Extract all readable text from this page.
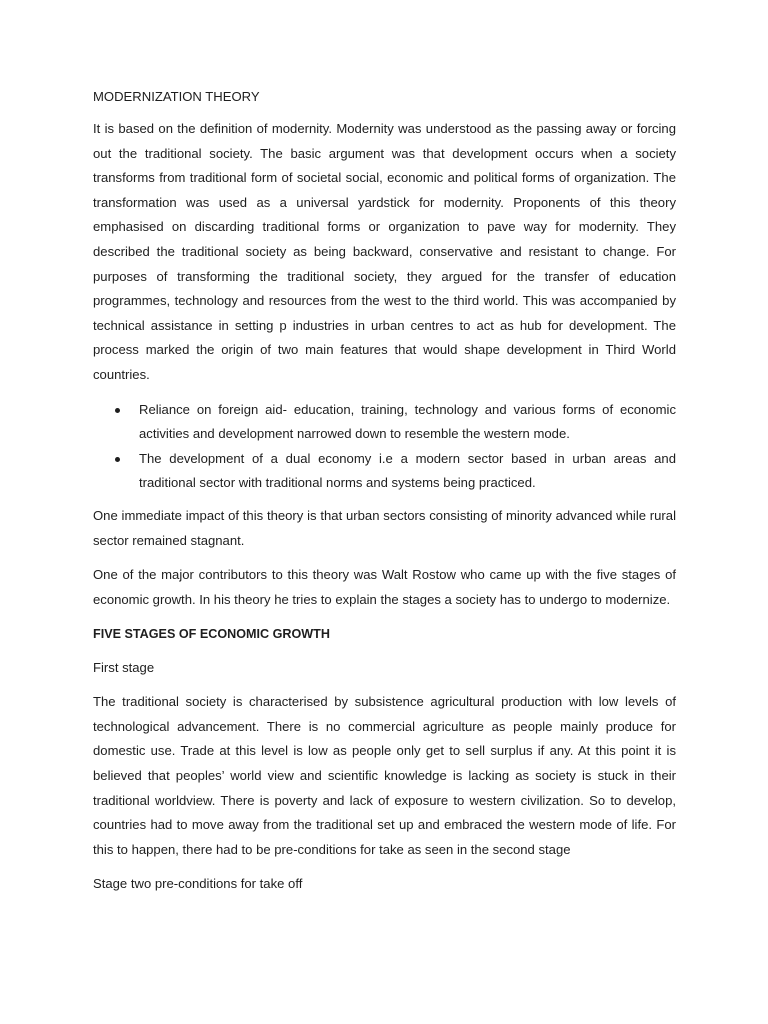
MODERNIZATION THEORY

It is based on the definition of modernity. Modernity was understood as the passing away or forcing out the traditional society. The basic argument was that development occurs when a society transforms from traditional form of societal social, economic and political forms of organization. The transformation was used as a universal yardstick for modernity. Proponents of this theory emphasised on discarding traditional forms or organization to pave way for modernity. They described the traditional society as being backward, conservative and resistant to change. For purposes of transforming the traditional society, they argued for the transfer of education programmes, technology and resources from the west to the third world. This was accompanied by technical assistance in setting p industries in urban centres to act as hub for development. The process marked the origin of two main features that would shape development in Third World countries.

Reliance on foreign aid- education, training, technology and various forms of economic activities and development narrowed down to resemble the western mode.
The development of a dual economy i.e a modern sector based in urban areas and traditional sector with traditional norms and systems being practiced.

One immediate impact of this theory is that urban sectors consisting of minority advanced while rural sector remained stagnant.

One of the major contributors to this theory was Walt Rostow who came up with the five stages of economic growth. In his theory he tries to explain the stages a society has to undergo to modernize.

FIVE STAGES OF ECONOMIC GROWTH

First stage

The traditional society is characterised by subsistence agricultural production with low levels of technological advancement. There is no commercial agriculture as people mainly produce for domestic use. Trade at this level is low as people only get to sell surplus if any. At this point it is believed that peoples’ world view and scientific knowledge is lacking as society is stuck in their traditional worldview. There is poverty and lack of exposure to western civilization. So to develop, countries had to move away from the traditional set up and embraced the western mode of life. For this to happen, there had to be pre-conditions for take as seen in the second stage

Stage two pre-conditions for take off
